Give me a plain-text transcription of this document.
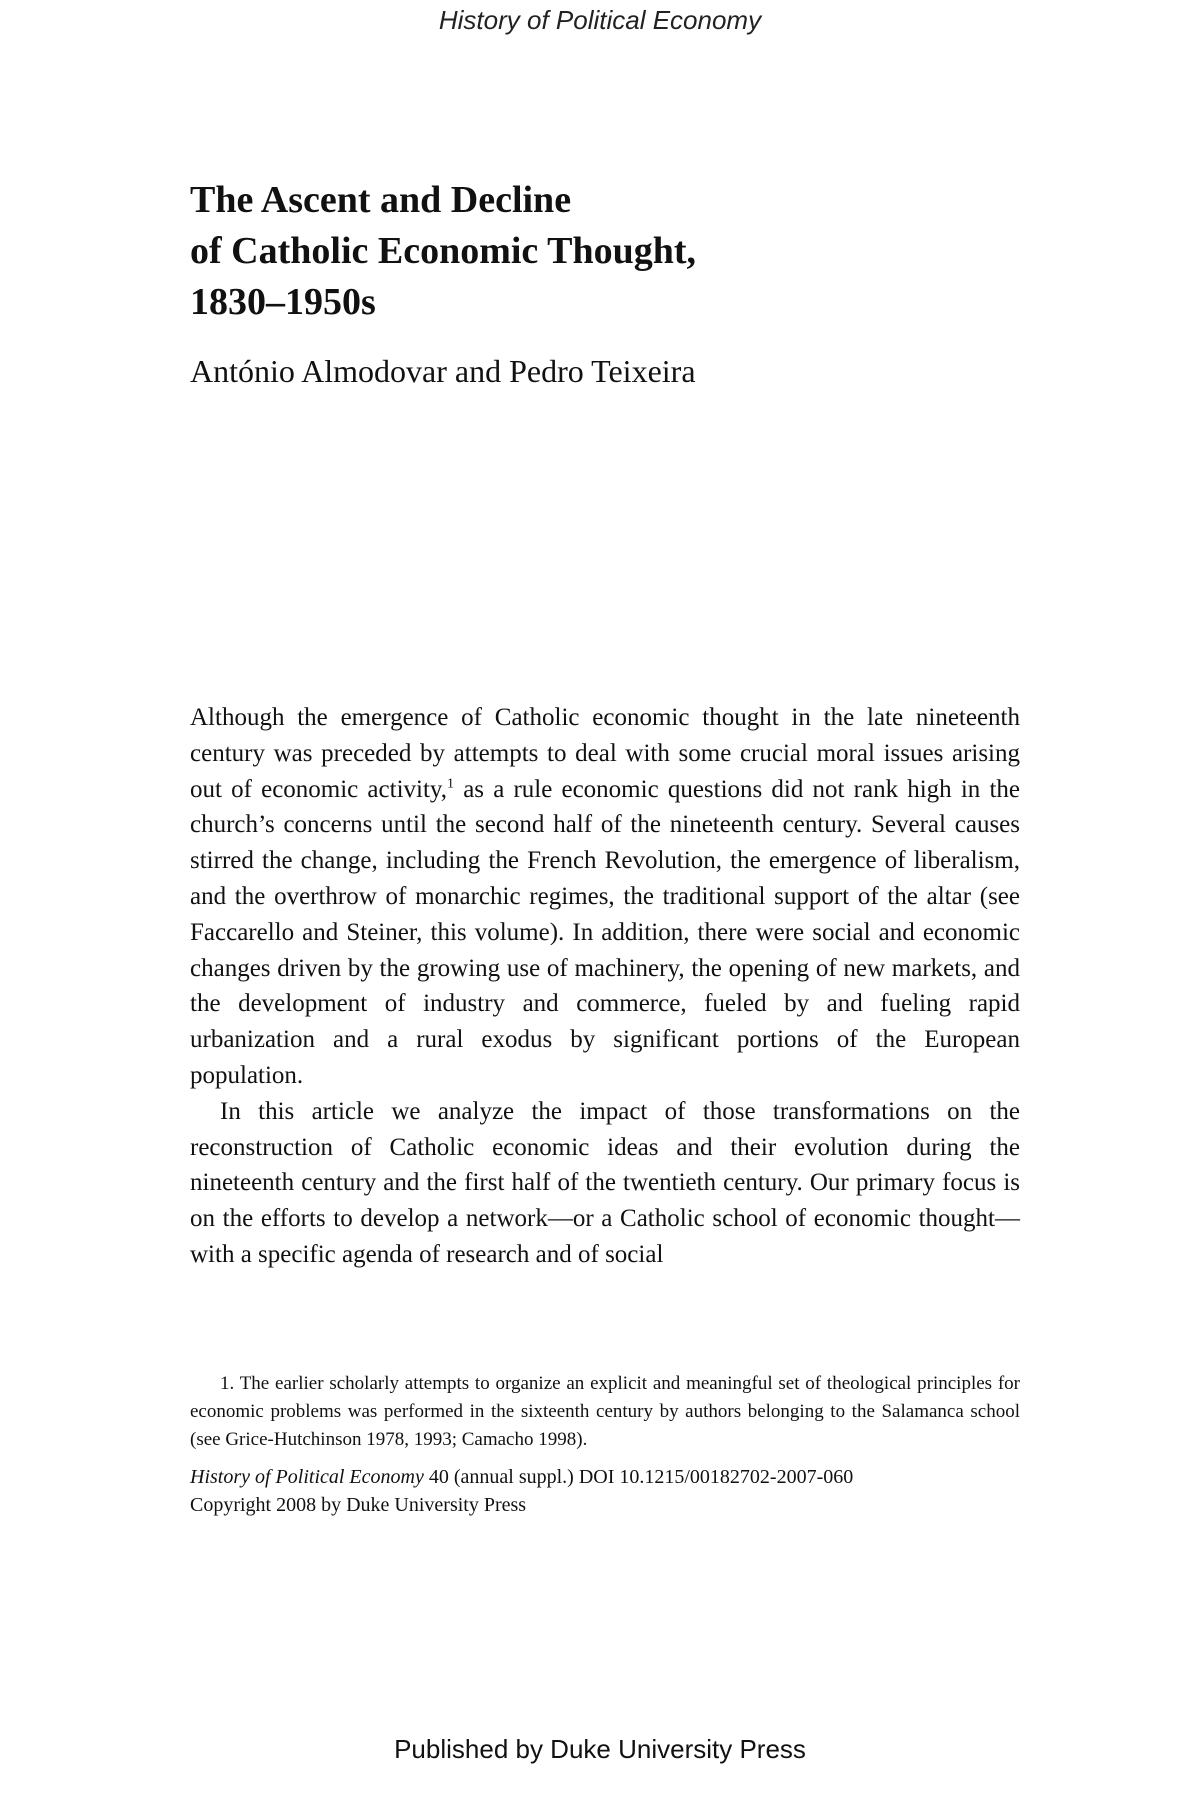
History of Political Economy
The Ascent and Decline
of Catholic Economic Thought,
1830–1950s
António Almodovar and Pedro Teixeira

Although the emergence of Catholic economic thought in the late nineteenth century was preceded by attempts to deal with some crucial moral issues arising out of economic activity,$^1$ as a rule economic questions did not rank high in the church’s concerns until the second half of the nineteenth century. Several causes stirred the change, including the French Revolution, the emergence of liberalism, and the overthrow of monarchic regimes, the traditional support of the altar (see Faccarello and Steiner, this volume). In addition, there were social and economic changes driven by the growing use of machinery, the opening of new markets, and the development of industry and commerce, fueled by and fueling rapid urbanization and a rural exodus by significant portions of the European population.

In this article we analyze the impact of those transformations on the reconstruction of Catholic economic ideas and their evolution during the nineteenth century and the first half of the twentieth century. Our primary focus is on the efforts to develop a network—or a Catholic school of economic thought—with a specific agenda of research and of social

1. The earlier scholarly attempts to organize an explicit and meaningful set of theological principles for economic problems was performed in the sixteenth century by authors belonging to the Salamanca school (see Grice-Hutchinson 1978, 1993; Camacho 1998).
History of Political Economy 40 (annual suppl.) DOI 10.1215/00182702-2007-060
Copyright 2008 by Duke University Press
Published by Duke University Press
